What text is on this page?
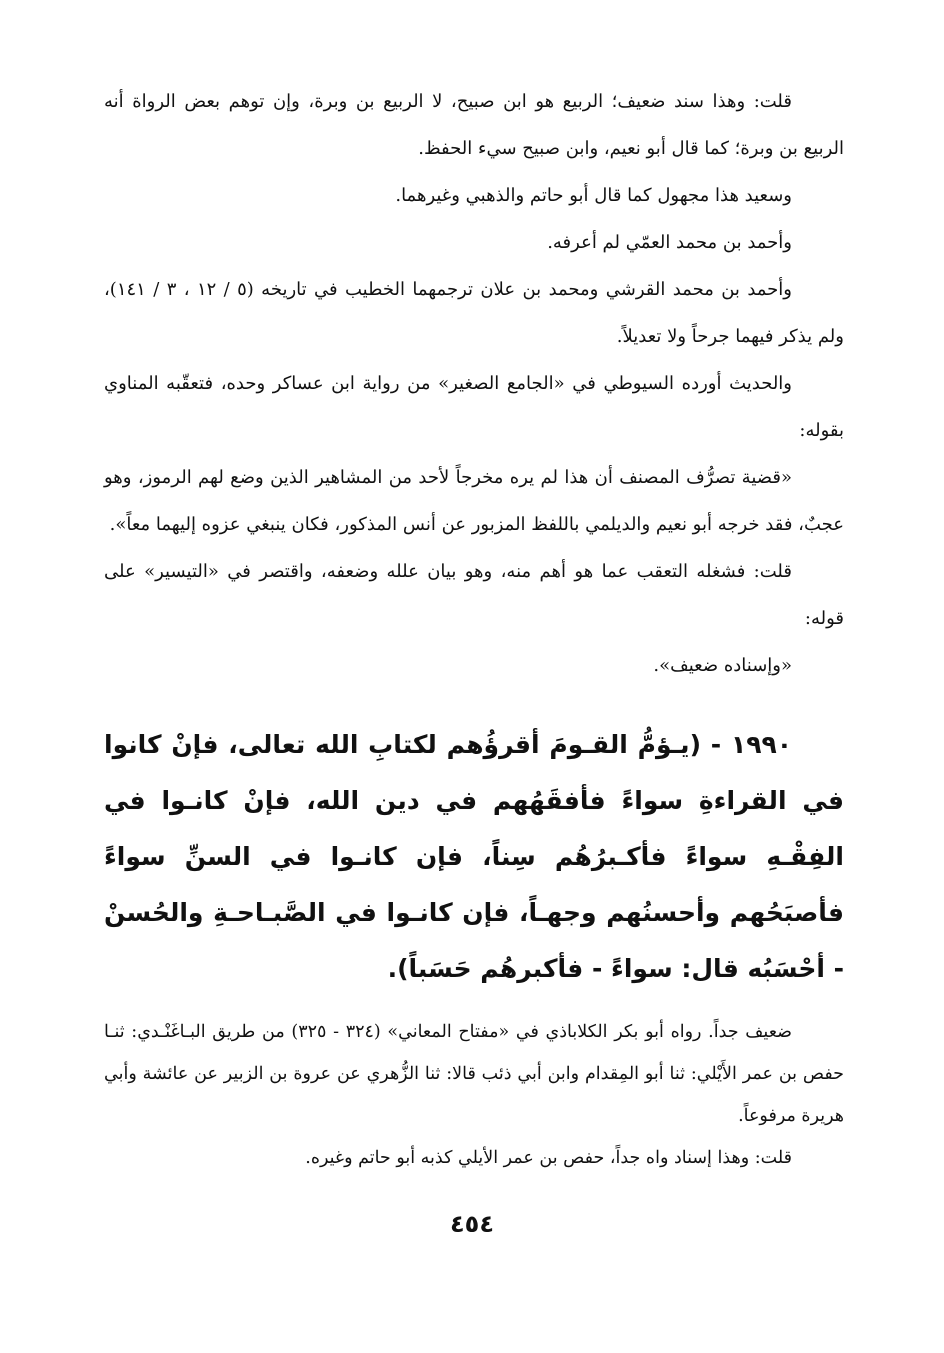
قلت: وهذا سند ضعيف؛ الربيع هو ابن صبيح، لا الربيع بن وبرة، وإن توهم بعض الرواة أنه الربيع بن وبرة؛ كما قال أبو نعيم، وابن صبيح سيء الحفظ.

وسعيد هذا مجهول كما قال أبو حاتم والذهبي وغيرهما.

وأحمد بن محمد العمّي لم أعرفه.

وأحمد بن محمد القرشي ومحمد بن علان ترجمهما الخطيب في تاريخه (٥ / ١٢ ، ٣ / ١٤١)، ولم يذكر فيهما جرحاً ولا تعديلاً.

والحديث أورده السيوطي في «الجامع الصغير» من رواية ابن عساكر وحده، فتعقّبه المناوي بقوله:

«قضية تصرُّف المصنف أن هذا لم يره مخرجاً لأحد من المشاهير الذين وضع لهم الرموز، وهو عجبٌ، فقد خرجه أبو نعيم والديلمي باللفظ المزبور عن أنس المذكور، فكان ينبغي عزوه إليهما معاً».

قلت: فشغله التعقب عما هو أهم منه، وهو بيان علله وضعفه، واقتصر في «التيسير» على قوله:

«وإسناده ضعيف».

١٩٩٠ - (يـؤمُّ القـومَ أقرؤُهم لكتابِ الله تعالى، فإنْ كانوا في القراءةِ سواءً فأفقَهُهم في دين الله، فإنْ كانـوا في الفِقْـهِ سواءً فأكـبرُهُم سِناً، فإن كانـوا في السنِّ سواءً فأصبَحُهم وأحسنُهم وجهـاً، فإن كانـوا في الصَّبـاحـةِ والحُسنْ - أحْسَبُه قال: سواءً - فأكبرهُم حَسَباً).

ضعيف جداً. رواه أبو بكر الكلاباذي في «مفتاح المعاني» (٣٢٤ - ٣٢٥) من طريق البـاغَنْـدي: ثنـا حفص بن عمر الأَيْلي: ثنا أبو المِقدام وابن أبي ذئب قالا: ثنا الزُّهري عن عروة بن الزبير عن عائشة وأبي هريرة مرفوعاً.

قلت: وهذا إسناد واه جداً، حفص بن عمر الأيلي كذبه أبو حاتم وغيره.

٤٥٤
